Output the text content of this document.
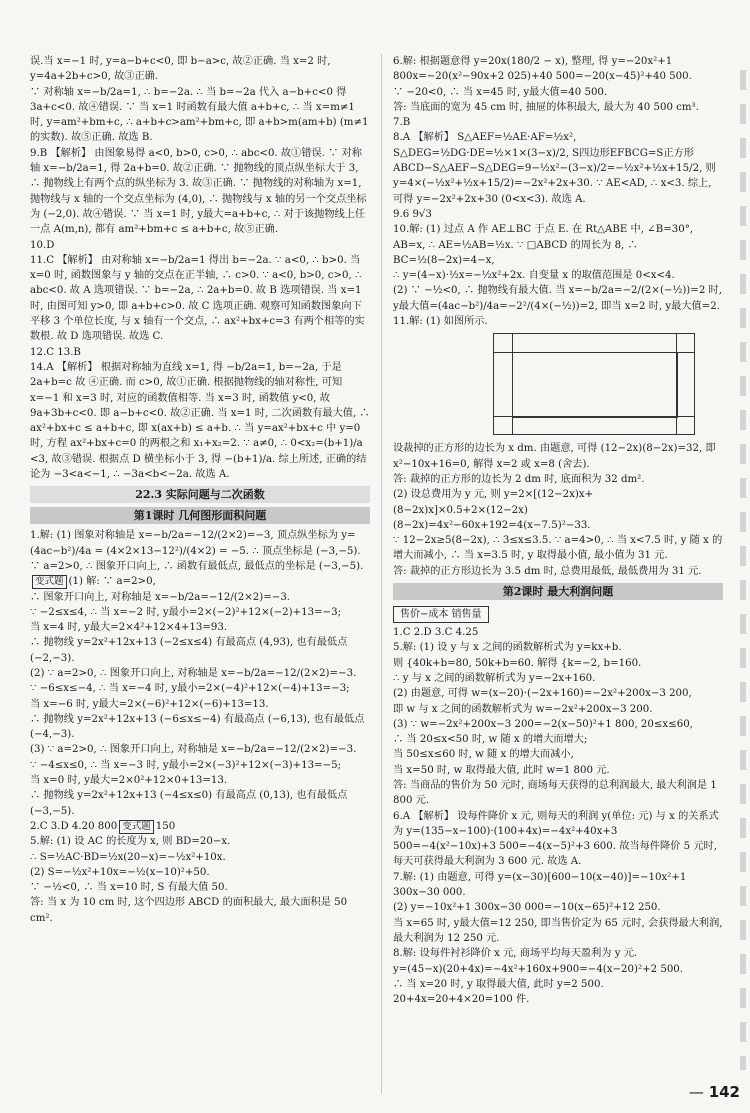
误.当 x=−1 时, y=a−b+c<0, 即 b−a>c, 故②正确. 当 x=2 时, y=4a+2b+c>0, 故③正确.

∵ 对称轴 x=−b/2a=1, ∴ b=−2a. ∴ 当 b=−2a 代入 a−b+c<0 得 3a+c<0. 故④错误. ∵ 当 x=1 时函数有最大值 a+b+c, ∴ 当 x=m≠1 时, y=am²+bm+c, ∴ a+b+c>am²+bm+c, 即 a+b>m(am+b) (m≠1 的实数). 故⑤正确. 故选 B.

9.B 【解析】 由图象易得 a<0, b>0, c>0, ∴ abc<0. 故①错误. ∵ 对称轴 x=−b/2a=1, 得 2a+b=0. 故②正确. ∵ 抛物线的顶点纵坐标大于 3, ∴ 抛物线上有两个点的纵坐标为 3. 故③正确. ∵ 抛物线的对称轴为 x=1, 抛物线与 x 轴的一个交点坐标为 (4,0), ∴ 抛物线与 x 轴的另一个交点坐标为 (−2,0). 故④错误. ∵ 当 x=1 时, y最大=a+b+c, ∴ 对于该抛物线上任一点 A(m,n), 都有 am²+bm+c ≤ a+b+c, 故⑤正确.

10.D

11.C 【解析】 由对称轴 x=−b/2a=1 得出 b=−2a. ∵ a<0, ∴ b>0. 当 x=0 时, 函数图象与 y 轴的交点在正半轴, ∴ c>0. ∵ a<0, b>0, c>0, ∴ abc<0. 故 A 选项错误. ∵ b=−2a, ∴ 2a+b=0. 故 B 选项错误. 当 x=1 时, 由图可知 y>0, 即 a+b+c>0. 故 C 选项正确. 观察可知函数图象向下平移 3 个单位长度, 与 x 轴有一个交点, ∴ ax²+bx+c=3 有两个相等的实数根. 故 D 选项错误. 故选 C.

12.C 13.B

14.A 【解析】 根据对称轴为直线 x=1, 得 −b/2a=1, b=−2a, 于是 2a+b=c 故 ④正确. 而 c>0, 故①正确. 根据抛物线的轴对称性, 可知 x=−1 和 x=3 时, 对应的函数值相等. 当 x=3 时, 函数值 y<0, 故 9a+3b+c<0. 即 a−b+c<0. 故②正确. 当 x=1 时, 二次函数有最大值, ∴ ax²+bx+c ≤ a+b+c, 即 x(ax+b) ≤ a+b. ∴ 当 y=ax²+bx+c 中 y=0 时, 方程 ax²+bx+c=0 的两根之和 x₁+x₂=2. ∵ a≠0, ∴ 0<x₂=(b+1)/a <3, 故③错误. 根据点 D 横坐标小于 3, 得 −(b+1)/a. 综上所述, 正确的结论为 −3<a<−1, ∴ −3a<b<−2a. 故选 A.

22.3 实际问题与二次函数
第1课时 几何图形面积问题

1.解: (1) 图象对称轴是 x=−b/2a=−12/(2×2)=−3, 顶点纵坐标为 y=(4ac−b²)/4a = (4×2×13−12²)/(4×2) = −5. ∴ 顶点坐标是 (−3,−5). ∵ a=2>0, ∴ 图象开口向上, ∴ 函数有最低点, 最低点的坐标是 (−3,−5).

变式题 (1) 解: ∵ a=2>0,

∴ 图象开口向上, 对称轴是 x=−b/2a=−12/(2×2)=−3.

∵ −2≤x≤4, ∴ 当 x=−2 时, y最小=2×(−2)²+12×(−2)+13=−3;

当 x=4 时, y最大=2×4²+12×4+13=93.

∴ 抛物线 y=2x²+12x+13 (−2≤x≤4) 有最高点 (4,93), 也有最低点 (−2,−3).

(2) ∵ a=2>0, ∴ 图象开口向上, 对称轴是 x=−b/2a=−12/(2×2)=−3.

∵ −6≤x≤−4, ∴ 当 x=−4 时, y最小=2×(−4)²+12×(−4)+13=−3;

当 x=−6 时, y最大=2×(−6)²+12×(−6)+13=13.

∴ 抛物线 y=2x²+12x+13 (−6≤x≤−4) 有最高点 (−6,13), 也有最低点 (−4,−3).

(3) ∵ a=2>0, ∴ 图象开口向上, 对称轴是 x=−b/2a=−12/(2×2)=−3.

∵ −4≤x≤0, ∴ 当 x=−3 时, y最小=2×(−3)²+12×(−3)+13=−5;

当 x=0 时, y最大=2×0²+12×0+13=13.

∴ 抛物线 y=2x²+12x+13 (−4≤x≤0) 有最高点 (0,13), 也有最低点 (−3,−5).

2.C 3.D 4.20 800 变式题 150

5.解: (1) 设 AC 的长度为 x, 则 BD=20−x.

∴ S=½AC·BD=½x(20−x)=−½x²+10x.

(2) S=−½x²+10x=−½(x−10)²+50.

∵ −½<0, ∴ 当 x=10 时, S 有最大值 50.

答: 当 x 为 10 cm 时, 这个四边形 ABCD 的面积最大, 最大面积是 50 cm².

6.解: 根据题意得 y=20x(180/2 − x), 整理, 得 y=−20x²+1 800x=−20(x²−90x+2 025)+40 500=−20(x−45)²+40 500.

∵ −20<0, ∴ 当 x=45 时, y最大值=40 500.

答: 当底面的宽为 45 cm 时, 抽屉的体积最大, 最大为 40 500 cm³.

7.B

8.A 【解析】 S△AEF=½AE·AF=½x², S△DEG=½DG·DE=½×1×(3−x)/2, S四边形EFBCG=S正方形ABCD−S△AEF−S△DEG=9−½x²−(3−x)/2=−½x²+½x+15/2, 则 y=4×(−½x²+½x+15/2)=−2x²+2x+30. ∵ AE<AD, ∴ x<3. 综上, 可得 y=−2x²+2x+30 (0<x<3). 故选 A.

9.6 9√3

10.解: (1) 过点 A 作 AE⊥BC 于点 E. 在 Rt△ABE 中, ∠B=30°, AB=x, ∴ AE=½AB=½x. ∵ □ABCD 的周长为 8, ∴ BC=½(8−2x)=4−x,

∴ y=(4−x)·½x=−½x²+2x. 自变量 x 的取值范围是 0<x<4.

(2) ∵ −½<0, ∴ 抛物线有最大值. 当 x=−b/2a=−2/(2×(−½))=2 时,

y最大值=(4ac−b²)/4a=−2²/(4×(−½))=2, 即当 x=2 时, y最大值=2.

11.解: (1) 如图所示.

设裁掉的正方形的边长为 x dm. 由题意, 可得 (12−2x)(8−2x)=32, 即 x²−10x+16=0, 解得 x=2 或 x=8 (舍去).

答: 裁掉的正方形的边长为 2 dm 时, 底面积为 32 dm².

(2) 设总费用为 y 元, 则 y=2×[(12−2x)x+(8−2x)x]×0.5+2×(12−2x)(8−2x)=4x²−60x+192=4(x−7.5)²−33.

∵ 12−2x≥5(8−2x), ∴ 3≤x≤3.5. ∵ a=4>0, ∴ 当 x<7.5 时, y 随 x 的增大而减小, ∴ 当 x=3.5 时, y 取得最小值, 最小值为 31 元.

答: 裁掉的正方形边长为 3.5 dm 时, 总费用最低, 最低费用为 31 元.

第2课时 最大利润问题
售价−成本 销售量

1.C 2.D 3.C 4.25

5.解: (1) 设 y 与 x 之间的函数解析式为 y=kx+b.

则 {40k+b=80, 50k+b=60. 解得 {k=−2, b=160.

∴ y 与 x 之间的函数解析式为 y=−2x+160.

(2) 由题意, 可得 w=(x−20)·(−2x+160)=−2x²+200x−3 200,

即 w 与 x 之间的函数解析式为 w=−2x²+200x−3 200.

(3) ∵ w=−2x²+200x−3 200=−2(x−50)²+1 800, 20≤x≤60,

∴ 当 20≤x<50 时, w 随 x 的增大而增大;

当 50≤x≤60 时, w 随 x 的增大而减小,

当 x=50 时, w 取得最大值, 此时 w=1 800 元.

答: 当商品的售价为 50 元时, 商场每天获得的总利润最大, 最大利润是 1 800 元.

6.A 【解析】 设每件降价 x 元, 则每天的利润 y(单位: 元) 与 x 的关系式为 y=(135−x−100)·(100+4x)=−4x²+40x+3 500=−4(x²−10x)+3 500=−4(x−5)²+3 600. 故当每件降价 5 元时, 每天可获得最大利润为 3 600 元. 故选 A.

7.解: (1) 由题意, 可得 y=(x−30)[600−10(x−40)]=−10x²+1 300x−30 000.

(2) y=−10x²+1 300x−30 000=−10(x−65)²+12 250.

当 x=65 时, y最大值=12 250, 即当售价定为 65 元时, 会获得最大利润, 最大利润为 12 250 元.

8.解: 设每件衬衫降价 x 元, 商场平均每天盈利为 y 元.

y=(45−x)(20+4x)=−4x²+160x+900=−4(x−20)²+2 500.

∴ 当 x=20 时, y 取得最大值, 此时 y=2 500. 20+4x=20+4×20=100 件.

— 142
